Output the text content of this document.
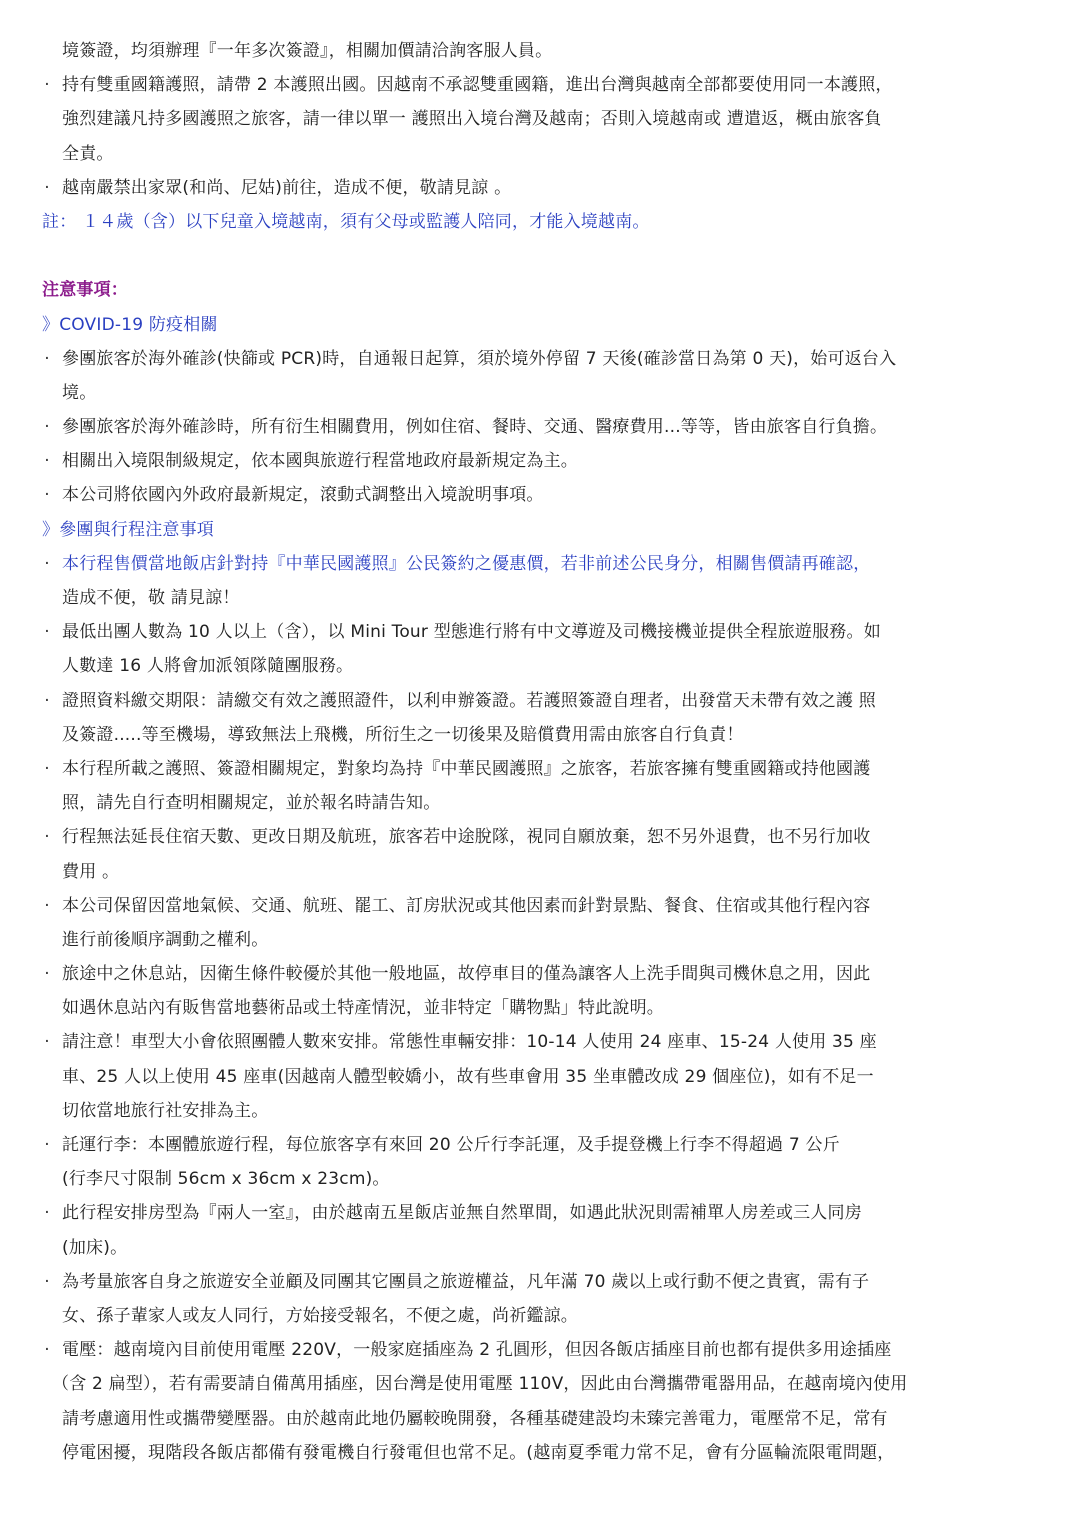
境簽證，均須辦理『一年多次簽證』，相關加價請洽詢客服人員。
· 持有雙重國籍護照，請帶 2 本護照出國。因越南不承認雙重國籍，進出台灣與越南全部都要使用同一本護照，
強烈建議凡持多國護照之旅客，請一律以單一 護照出入境台灣及越南；否則入境越南或 遭遣返，概由旅客負
全責。
· 越南嚴禁出家眾(和尚、尼姑)前往，造成不便，敬請見諒 。
註： １４歲（含）以下兒童入境越南，須有父母或監護人陪同，才能入境越南。
注意事項：
》COVID-19 防疫相關
· 參團旅客於海外確診(快篩或 PCR)時，自通報日起算，須於境外停留 7 天後(確診當日為第 0 天)，始可返台入
境。
· 參團旅客於海外確診時，所有衍生相關費用，例如住宿、餐時、交通、醫療費用...等等，皆由旅客自行負擔。
· 相關出入境限制級規定，依本國與旅遊行程當地政府最新規定為主。
· 本公司將依國內外政府最新規定，滾動式調整出入境說明事項。
》參團與行程注意事項
· 本行程售價當地飯店針對持『中華民國護照』公民簽約之優惠價，若非前述公民身分，相關售價請再確認，
造成不便，敬 請見諒！
· 最低出團人數為 10 人以上（含），以 Mini Tour 型態進行將有中文導遊及司機接機並提供全程旅遊服務。如
人數達 16 人將會加派領隊隨團服務。
· 證照資料繳交期限：請繳交有效之護照證件，以利申辦簽證。若護照簽證自理者，出發當天未帶有效之護 照
及簽證.....等至機場，導致無法上飛機，所衍生之一切後果及賠償費用需由旅客自行負責！
· 本行程所載之護照、簽證相關規定，對象均為持『中華民國護照』之旅客，若旅客擁有雙重國籍或持他國護
照，請先自行查明相關規定，並於報名時請告知。
· 行程無法延長住宿天數、更改日期及航班，旅客若中途脫隊，視同自願放棄，恕不另外退費，也不另行加收
費用 。
· 本公司保留因當地氣候、交通、航班、罷工、訂房狀況或其他因素而針對景點、餐食、住宿或其他行程內容
進行前後順序調動之權利。
· 旅途中之休息站，因衛生條件較優於其他一般地區，故停車目的僅為讓客人上洗手間與司機休息之用，因此
如遇休息站內有販售當地藝術品或土特產情況，並非特定「購物點」特此說明。
· 請注意！車型大小會依照團體人數來安排。常態性車輛安排：10-14 人使用 24 座車、15-24 人使用 35 座
車、25 人以上使用 45 座車(因越南人體型較嬌小，故有些車會用 35 坐車體改成 29 個座位)，如有不足一
切依當地旅行社安排為主。
· 託運行李：本團體旅遊行程，每位旅客享有來回 20 公斤行李託運，及手提登機上行李不得超過 7 公斤
(行李尺寸限制 56cm x 36cm x 23cm)。
· 此行程安排房型為『兩人一室』，由於越南五星飯店並無自然單間，如遇此狀況則需補單人房差或三人同房
(加床)。
· 為考量旅客自身之旅遊安全並顧及同團其它團員之旅遊權益，凡年滿 70 歲以上或行動不便之貴賓，需有子
女、孫子輩家人或友人同行，方始接受報名，不便之處，尚祈鑑諒。
· 電壓：越南境內目前使用電壓 220V，一般家庭插座為 2 孔圓形，但因各飯店插座目前也都有提供多用途插座
（含 2 扁型），若有需要請自備萬用插座，因台灣是使用電壓 110V，因此由台灣攜帶電器用品，在越南境內使用
請考慮適用性或攜帶變壓器。由於越南此地仍屬較晚開發，各種基礎建設均未臻完善電力，電壓常不足，常有
停電困擾，現階段各飯店都備有發電機自行發電但也常不足。(越南夏季電力常不足，會有分區輪流限電問題，
